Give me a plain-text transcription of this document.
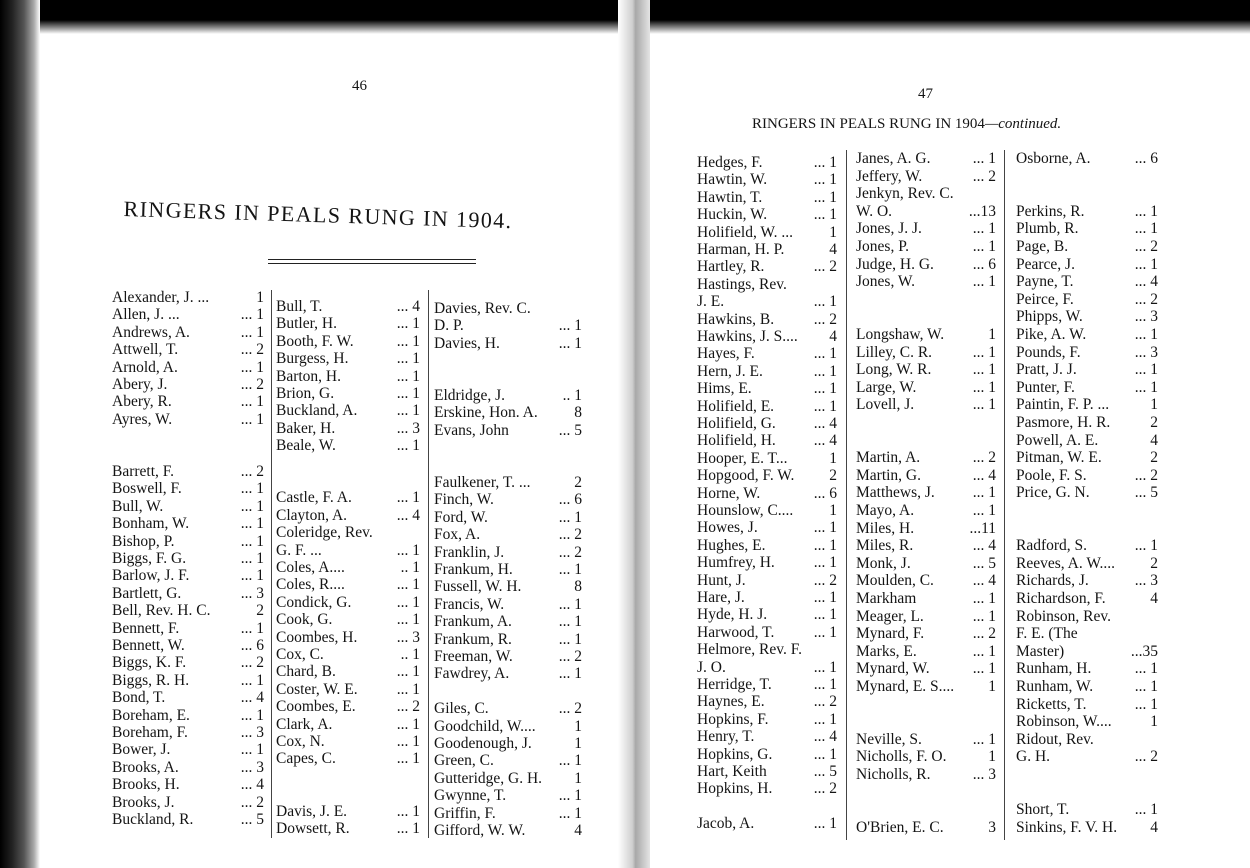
46
RINGERS IN PEALS RUNG IN 1904.
Alexander, J. ...	1
Allen, J. ...	... 1
Andrews, A.	... 1
Attwell, T.	... 2
Arnold, A.	... 1
Abery, J.	... 2
Abery, R.	... 1
Ayres, W.	... 1
Barrett, F.	... 2
Boswell, F.	... 1
Bull, W.	... 1
Bonham, W.	... 1
Bishop, P.	... 1
Biggs, F. G.	... 1
Barlow, J. F.	... 1
Bartlett, G.	... 3
Bell, Rev. H. C.	2
Bennett, F.	... 1
Bennett, W.	... 6
Biggs, K. F.	... 2
Biggs, R. H.	... 1
Bond, T.	... 4
Boreham, E.	... 1
Boreham, F.	... 3
Bower, J.	... 1
Brooks, A.	... 3
Brooks, H.	... 4
Brooks, J.	... 2
Buckland, R.	... 5
Bull, T.	... 4
Butler, H.	... 1
Booth, F. W.	... 1
Burgess, H.	... 1
Barton, H.	... 1
Brion, G.	... 1
Buckland, A.	... 1
Baker, H.	... 3
Beale, W.	... 1
Castle, F. A.	... 1
Clayton, A.	... 4
Coleridge, Rev.
G. F. ...	... 1
Coles, A....	.. 1
Coles, R....	... 1
Condick, G.	... 1
Cook, G.	... 1
Coombes, H.	... 3
Cox, C.	.. 1
Chard, B.	... 1
Coster, W. E.	... 1
Coombes, E.	... 2
Clark, A.	... 1
Cox, N.	... 1
Capes, C.	... 1
Davis, J. E.	... 1
Dowsett, R.	... 1
Davies, Rev. C.
D. P.	... 1
Davies, H.	... 1
Eldridge, J.	.. 1
Erskine, Hon. A. 8
Evans, John	... 5
Faulkener, T. ...	2
Finch, W.	... 6
Ford, W.	... 1
Fox, A.	... 2
Franklin, J.	... 2
Frankum, H.	... 1
Fussell, W. H.	8
Francis, W.	... 1
Frankum, A.	... 1
Frankum, R.	... 1
Freeman, W.	... 2
Fawdrey, A.	... 1
Giles, C.	... 2
Goodchild, W.... 1
Goodenough, J.	1
Green, C.	... 1
Gutteridge, G. H. 1
Gwynne, T.	... 1
Griffin, F.	... 1
Gifford, W. W.	4
47
RINGERS IN PEALS RUNG IN 1904—continued.
Hedges, F.	... 1
Hawtin, W.	... 1
Hawtin, T.	... 1
Huckin, W.	... 1
Holifield, W. ... 1
Harman, H. P.	4
Hartley, R.	... 2
Hastings, Rev.
J. E.	... 1
Hawkins, B.	... 2
Hawkins, J. S.... 4
Hayes, F.	... 1
Hern, J. E.	... 1
Hims, E.	... 1
Holifield, E.	... 1
Holifield, G. ... 4
Holifield, H. ... 4
Hooper, E. T...	1
Hopgood, F. W. 2
Horne, W.	... 6
Hounslow, C.... 1
Howes, J.	... 1
Hughes, E.	... 1
Humfrey, H.	... 1
Hunt, J.	... 2
Hare, J.	... 1
Hyde, H. J.	... 1
Harwood, T.	... 1
Helmore, Rev. F.
J. O.	... 1
Herridge, T.	... 1
Haynes, E.	... 2
Hopkins, F.	... 1
Henry, T.	... 4
Hopkins, G.	... 1
Hart, Keith	... 5
Hopkins, H.	... 2
Jacob, A.	... 1
Janes, A. G.	... 1
Jeffery, W.	... 2
Jenkyn, Rev. C.
W. O.	...13
Jones, J. J.	... 1
Jones, P.	... 1
Judge, H. G.	... 6
Jones, W.	... 1
Longshaw, W.	1
Lilley, C. R.	... 1
Long, W. R.	... 1
Large, W.	... 1
Lovell, J.	... 1
Martin, A.	... 2
Martin, G.	... 4
Matthews, J. ... 1
Mayo, A.	... 1
Miles, H.	...11
Miles, R.	... 4
Monk, J.	... 5
Moulden, C.	... 4
Markham	... 1
Meager, L.	... 1
Mynard, F.	... 2
Marks, E.	... 1
Mynard, W.	... 1
Mynard, E. S.... 1
Neville, S.	... 1
Nicholls, F. O.	1
Nicholls, R.	... 3
O'Brien, E. C.	3
Osborne, A.	... 6
Perkins, R.	... 1
Plumb, R.	... 1
Page, B.	... 2
Pearce, J.	... 1
Payne, T.	... 4
Peirce, F.	... 2
Phipps, W.	... 3
Pike, A. W.	... 1
Pounds, F.	... 3
Pratt, J. J.	... 1
Punter, F.	... 1
Paintin, F. P. ...	1
Pasmore, H. R.	2
Powell, A. E.	4
Pitman, W. E.	2
Poole, F. S.	... 2
Price, G. N.	... 5
Radford, S.	... 1
Reeves, A. W.... 2
Richards, J.	... 3
Richardson, F.	4
Robinson, Rev.
F. E. (The
Master)	...35
Runham, H.	... 1
Runham, W.	... 1
Ricketts, T.	... 1
Robinson, W.... 1
Ridout, Rev.
G. H.	... 2
Short, T.	... 1
Sinkins, F. V. H. 4
